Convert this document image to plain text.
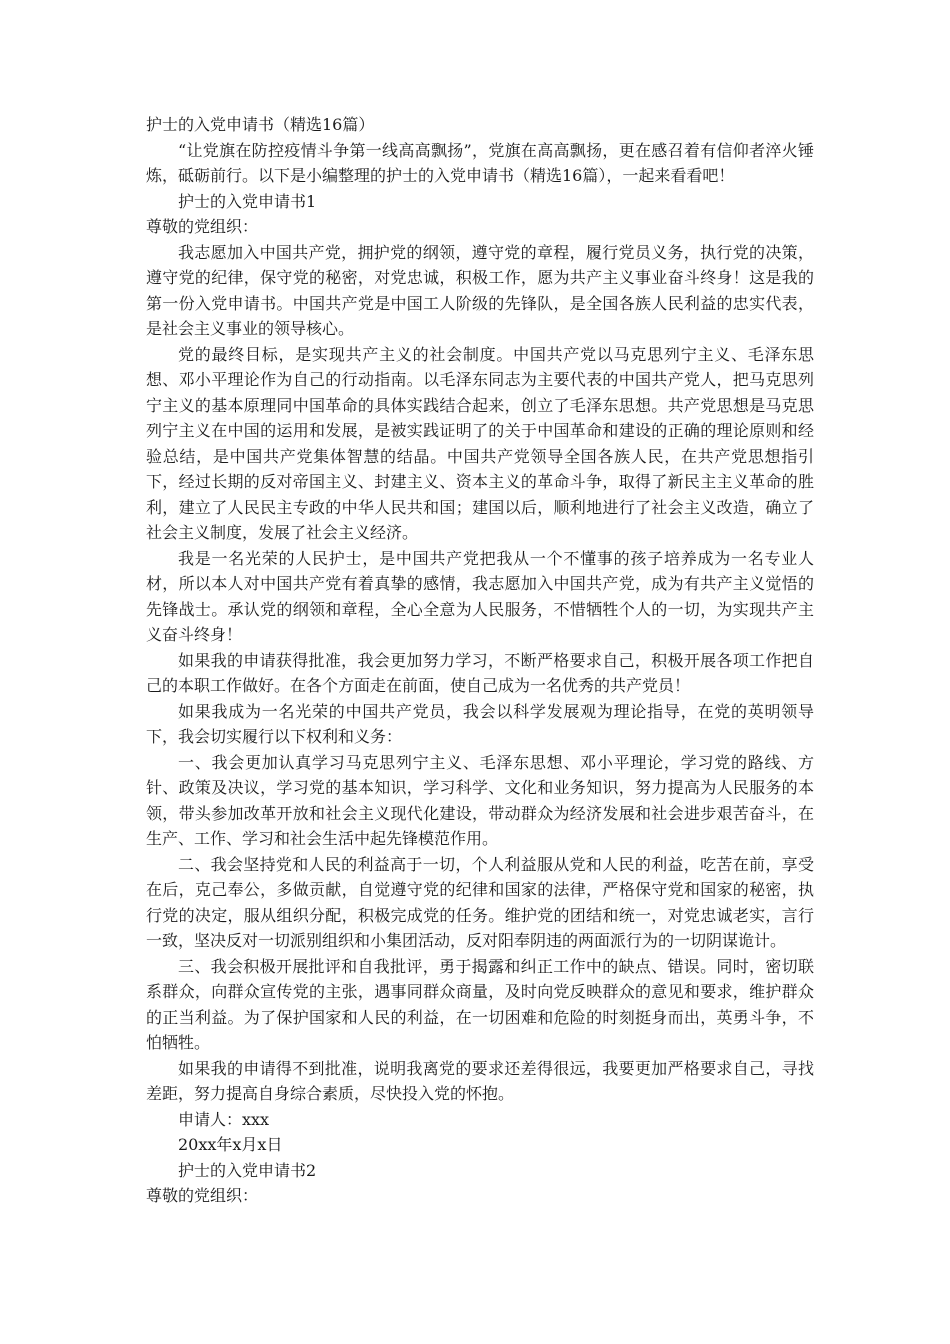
护士的入党申请书（精选16篇）

“让党旗在防控疫情斗争第一线高高飘扬”，党旗在高高飘扬，更在感召着有信仰者淬火锤炼，砥砺前行。以下是小编整理的护士的入党申请书（精选16篇），一起来看看吧！

护士的入党申请书1

尊敬的党组织：

我志愿加入中国共产党，拥护党的纲领，遵守党的章程，履行党员义务，执行党的决策，遵守党的纪律，保守党的秘密，对党忠诚，积极工作，愿为共产主义事业奋斗终身！这是我的第一份入党申请书。中国共产党是中国工人阶级的先锋队，是全国各族人民利益的忠实代表，是社会主义事业的领导核心。

党的最终目标，是实现共产主义的社会制度。中国共产党以马克思列宁主义、毛泽东思想、邓小平理论作为自己的行动指南。以毛泽东同志为主要代表的中国共产党人，把马克思列宁主义的基本原理同中国革命的具体实践结合起来，创立了毛泽东思想。共产党思想是马克思列宁主义在中国的运用和发展，是被实践证明了的关于中国革命和建设的正确的理论原则和经验总结，是中国共产党集体智慧的结晶。中国共产党领导全国各族人民，在共产党思想指引下，经过长期的反对帝国主义、封建主义、资本主义的革命斗争，取得了新民主主义革命的胜利，建立了人民民主专政的中华人民共和国；建国以后，顺利地进行了社会主义改造，确立了社会主义制度，发展了社会主义经济。

我是一名光荣的人民护士，是中国共产党把我从一个不懂事的孩子培养成为一名专业人材，所以本人对中国共产党有着真挚的感情，我志愿加入中国共产党，成为有共产主义觉悟的先锋战士。承认党的纲领和章程，全心全意为人民服务，不惜牺牲个人的一切，为实现共产主义奋斗终身！

如果我的申请获得批准，我会更加努力学习，不断严格要求自己，积极开展各项工作把自己的本职工作做好。在各个方面走在前面，使自己成为一名优秀的共产党员！

如果我成为一名光荣的中国共产党员，我会以科学发展观为理论指导，在党的英明领导下，我会切实履行以下权利和义务：

一、我会更加认真学习马克思列宁主义、毛泽东思想、邓小平理论，学习党的路线、方针、政策及决议，学习党的基本知识，学习科学、文化和业务知识，努力提高为人民服务的本领，带头参加改革开放和社会主义现代化建设，带动群众为经济发展和社会进步艰苦奋斗，在生产、工作、学习和社会生活中起先锋模范作用。

二、我会坚持党和人民的利益高于一切，个人利益服从党和人民的利益，吃苦在前，享受在后，克己奉公，多做贡献，自觉遵守党的纪律和国家的法律，严格保守党和国家的秘密，执行党的决定，服从组织分配，积极完成党的任务。维护党的团结和统一，对党忠诚老实，言行一致，坚决反对一切派别组织和小集团活动，反对阳奉阴违的两面派行为的一切阴谋诡计。

三、我会积极开展批评和自我批评，勇于揭露和纠正工作中的缺点、错误。同时，密切联系群众，向群众宣传党的主张，遇事同群众商量，及时向党反映群众的意见和要求，维护群众的正当利益。为了保护国家和人民的利益，在一切困难和危险的时刻挺身而出，英勇斗争，不怕牺牲。

如果我的申请得不到批准，说明我离党的要求还差得很远，我要更加严格要求自己，寻找差距，努力提高自身综合素质，尽快投入党的怀抱。

申请人：xxx

20xx年x月x日

护士的入党申请书2

尊敬的党组织：
